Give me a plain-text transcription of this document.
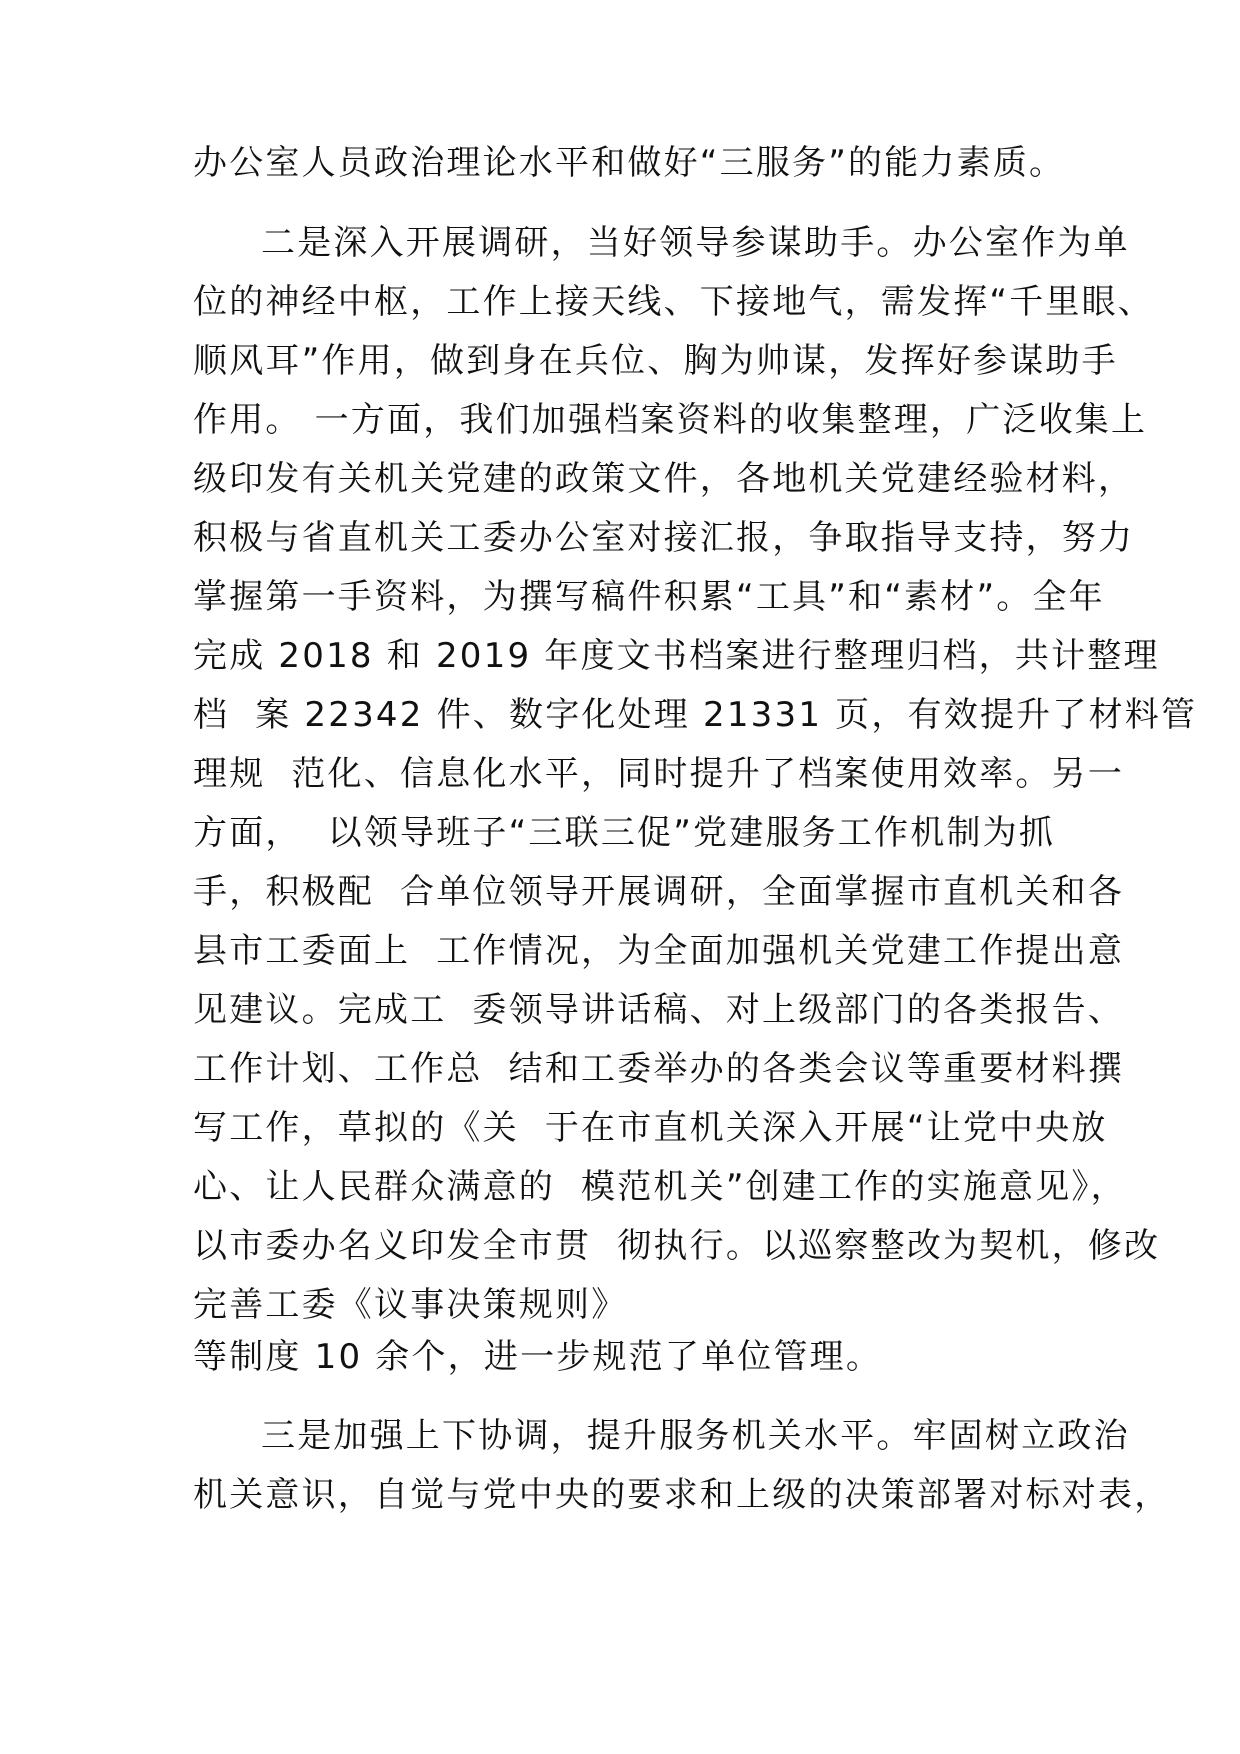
办公室人员政治理论水平和做好“三服务”的能力素质。
二是深入开展调研，当好领导参谋助手。办公室作为单
位的神经中枢，工作上接天线、下接地气，需发挥“千里眼、
顺风耳”作用，做到身在兵位、胸为帅谋，发挥好参谋助手
作用。 一方面，我们加强档案资料的收集整理，广泛收集上
级印发有关机关党建的政策文件，各地机关党建经验材料，
积极与省直机关工委办公室对接汇报，争取指导支持，努力
掌握第一手资料，为撰写稿件积累“工具”和“素材”。全年
完成 2018 和 2019 年度文书档案进行整理归档，共计整理
档  案 22342 件、数字化处理 21331 页，有效提升了材料管
理规  范化、信息化水平，同时提升了档案使用效率。另一
方面，  以领导班子“三联三促”党建服务工作机制为抓
手，积极配  合单位领导开展调研，全面掌握市直机关和各
县市工委面上  工作情况，为全面加强机关党建工作提出意
见建议。完成工  委领导讲话稿、对上级部门的各类报告、
工作计划、工作总  结和工委举办的各类会议等重要材料撰
写工作，草拟的《关  于在市直机关深入开展“让党中央放
心、让人民群众满意的  模范机关”创建工作的实施意见》，
以市委办名义印发全市贯  彻执行。以巡察整改为契机，修改
完善工委《议事决策规则》
等制度 10 余个，进一步规范了单位管理。
三是加强上下协调，提升服务机关水平。牢固树立政治
机关意识，自觉与党中央的要求和上级的决策部署对标对表，
